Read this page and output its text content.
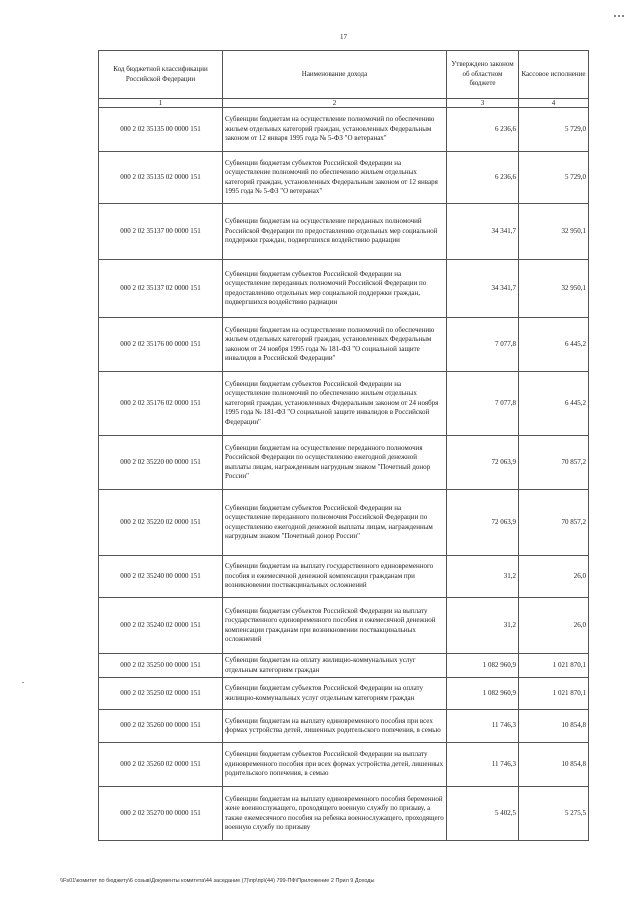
17
Код бюджетной классификации Российской Федерации	Наименование дохода	Утверждено законом об областном бюджете	Кассовое исполнение
1	2	3	4
000 2 02 35135 00 0000 151	Субвенции бюджетам на осуществление полномочий по обеспечению жильем отдельных категорий граждан, установленных Федеральным законом от 12 января 1995 года № 5-ФЗ "О ветеранах"	6 236,6	5 729,0
000 2 02 35135 02 0000 151	Субвенции бюджетам субъектов Российской Федерации на осуществление полномочий по обеспечению жильем отдельных категорий граждан, установленных Федеральным законом от 12 января 1995 года № 5-ФЗ "О ветеранах"	6 236,6	5 729,0
000 2 02 35137 00 0000 151	Субвенции бюджетам на осуществление переданных полномочий Российской Федерации по предоставлению отдельных мер социальной поддержки граждан, подвергшихся воздействию радиации	34 341,7	32 950,1
000 2 02 35137 02 0000 151	Субвенции бюджетам субъектов Российской Федерации на осуществление переданных полномочий Российской Федерации по предоставлению отдельных мер социальной поддержки граждан, подвергшихся воздействию радиации	34 341,7	32 950,1
000 2 02 35176 00 0000 151	Субвенции бюджетам на осуществление полномочий по обеспечению жильем отдельных категорий граждан, установленных Федеральным законом от 24 ноября 1995 года № 181-ФЗ "О социальной защите инвалидов в Российской Федерации"	7 077,8	6 445,2
000 2 02 35176 02 0000 151	Субвенции бюджетам субъектов Российской Федерации на осуществление полномочий по обеспечению жильем отдельных категорий граждан, установленных Федеральным законом от 24 ноября 1995 года № 181-ФЗ "О социальной защите инвалидов в Российской Федерации"	7 077,8	6 445,2
000 2 02 35220 00 0000 151	Субвенции бюджетам на осуществление переданного полномочия Российской Федерации по осуществлению ежегодной денежной выплаты лицам, награжденным нагрудным знаком "Почетный донор России"	72 063,9	70 857,2
000 2 02 35220 02 0000 151	Субвенции бюджетам субъектов Российской Федерации на осуществление переданного полномочия Российской Федерации по осуществлению ежегодной денежной выплаты лицам, награжденным нагрудным знаком "Почетный донор России"	72 063,9	70 857,2
000 2 02 35240 00 0000 151	Субвенции бюджетам на выплату государственного единовременного пособия и ежемесячной денежной компенсации гражданам при возникновении поствакцинальных осложнений	31,2	26,0
000 2 02 35240 02 0000 151	Субвенции бюджетам субъектов Российской Федерации на выплату государственного единовременного пособия и ежемесячной денежной компенсации гражданам при возникновении поствакцинальных осложнений	31,2	26,0
000 2 02 35250 00 0000 151	Субвенции бюджетам на оплату жилищно-коммунальных услуг отдельным категориям граждан	1 082 960,9	1 021 870,1
000 2 02 35250 02 0000 151	Субвенции бюджетам субъектов Российской Федерации на оплату жилищно-коммунальных услуг отдельным категориям граждан	1 082 960,9	1 021 870,1
000 2 02 35260 00 0000 151	Субвенции бюджетам на выплату единовременного пособия при всех формах устройства детей, лишенных родительского попечения, в семью	11 746,3	10 854,8
000 2 02 35260 02 0000 151	Субвенции бюджетам субъектов Российской Федерации на выплату единовременного пособия при всех формах устройства детей, лишенных родительского попечения, в семью	11 746,3	10 854,8
000 2 02 35270 00 0000 151	Субвенции бюджетам на выплату единовременного пособия беременной жене военнослужащего, проходящего военную службу по призыву, а также ежемесячного пособия на ребенка военнослужащего, проходящего военную службу по призыву	5 402,5	5 275,5
\\Fs01\комитет по бюджету\6 созыв\Документы комитета\44 заседание (7)\пр\пр\(44) 799-ПФ\Приложение 2 Прил 9 Доходы
